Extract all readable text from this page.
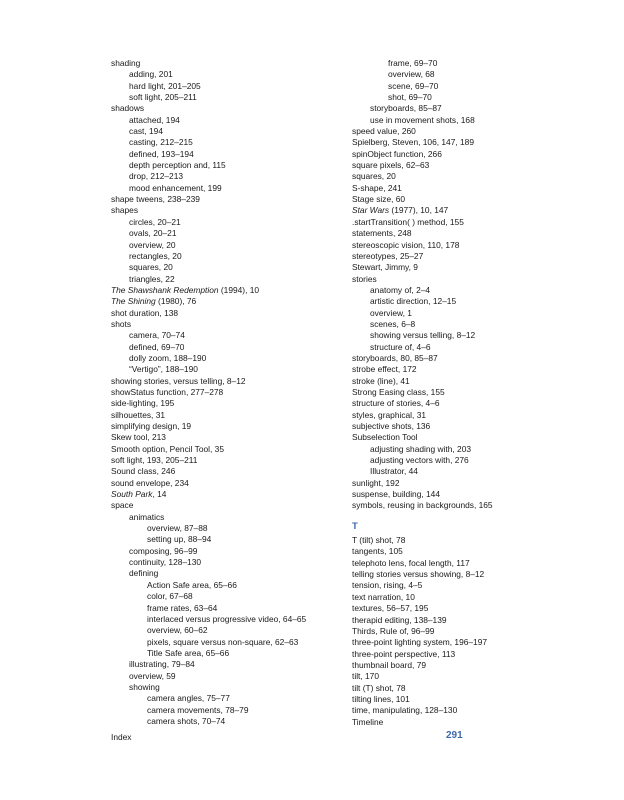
shading
adding, 201
hard light, 201–205
soft light, 205–211
shadows
attached, 194
cast, 194
casting, 212–215
defined, 193–194
depth perception and, 115
drop, 212–213
mood enhancement, 199
shape tweens, 238–239
shapes
circles, 20–21
ovals, 20–21
overview, 20
rectangles, 20
squares, 20
triangles, 22
The Shawshank Redemption (1994), 10
The Shining (1980), 76
shot duration, 138
shots
camera, 70–74
defined, 69–70
dolly zoom, 188–190
“Vertigo”, 188–190
showing stories, versus telling, 8–12
showStatus function, 277–278
side-lighting, 195
silhouettes, 31
simplifying design, 19
Skew tool, 213
Smooth option, Pencil Tool, 35
soft light, 193, 205–211
Sound class, 246
sound envelope, 234
South Park, 14
space
animatics
overview, 87–88
setting up, 88–94
composing, 96–99
continuity, 128–130
defining
Action Safe area, 65–66
color, 67–68
frame rates, 63–64
interlaced versus progressive video, 64–65
overview, 60–62
pixels, square versus non-square, 62–63
Title Safe area, 65–66
illustrating, 79–84
overview, 59
showing
camera angles, 75–77
camera movements, 78–79
camera shots, 70–74
frame, 69–70
overview, 68
scene, 69–70
shot, 69–70
storyboards, 85–87
use in movement shots, 168
speed value, 260
Spielberg, Steven, 106, 147, 189
spinObject function, 266
square pixels, 62–63
squares, 20
S-shape, 241
Stage size, 60
Star Wars (1977), 10, 147
.startTransition( ) method, 155
statements, 248
stereoscopic vision, 110, 178
stereotypes, 25–27
Stewart, Jimmy, 9
stories
anatomy of, 2–4
artistic direction, 12–15
overview, 1
scenes, 6–8
showing versus telling, 8–12
structure of, 4–6
storyboards, 80, 85–87
strobe effect, 172
stroke (line), 41
Strong Easing class, 155
structure of stories, 4–6
styles, graphical, 31
subjective shots, 136
Subselection Tool
adjusting shading with, 203
adjusting vectors with, 276
Illustrator, 44
sunlight, 192
suspense, building, 144
symbols, reusing in backgrounds, 165
T
T (tilt) shot, 78
tangents, 105
telephoto lens, focal length, 117
telling stories versus showing, 8–12
tension, rising, 4–5
text narration, 10
textures, 56–57, 195
therapid editing, 138–139
Thirds, Rule of, 96–99
three-point lighting system, 196–197
three-point perspective, 113
thumbnail board, 79
tilt, 170
tilt (T) shot, 78
tilting lines, 101
time, manipulating, 128–130
Timeline
Index	291
